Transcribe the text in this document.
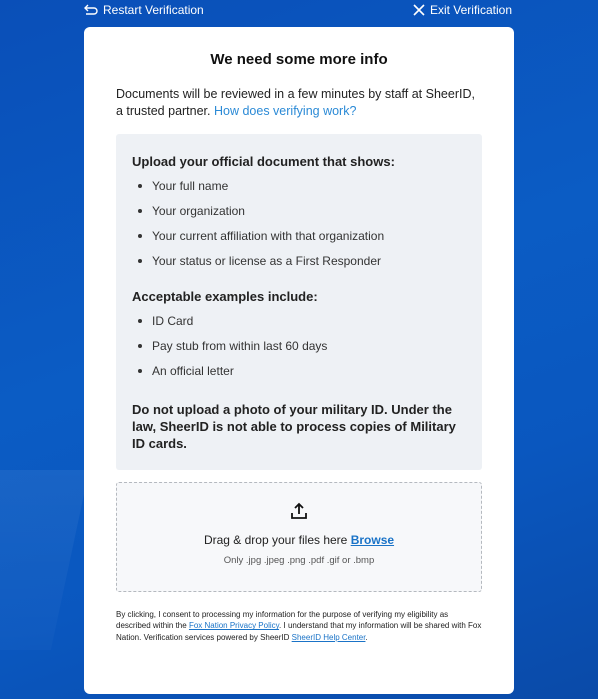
Restart Verification	Exit Verification
We need some more info

Documents will be reviewed in a few minutes by staff at SheerID, a trusted partner. How does verifying work?

Upload your official document that shows:
Your full name
Your organization
Your current affiliation with that organization
Your status or license as a First Responder
Acceptable examples include:
ID Card
Pay stub from within last 60 days
An official letter

Do not upload a photo of your military ID. Under the law, SheerID is not able to process copies of Military ID cards.

Drag & drop your files here Browse
Only .jpg .jpeg .png .pdf .gif or .bmp

By clicking, I consent to processing my information for the purpose of verifying my eligibility as described within the Fox Nation Privacy Policy. I understand that my information will be shared with Fox Nation. Verification services powered by SheerID SheerID Help Center.
